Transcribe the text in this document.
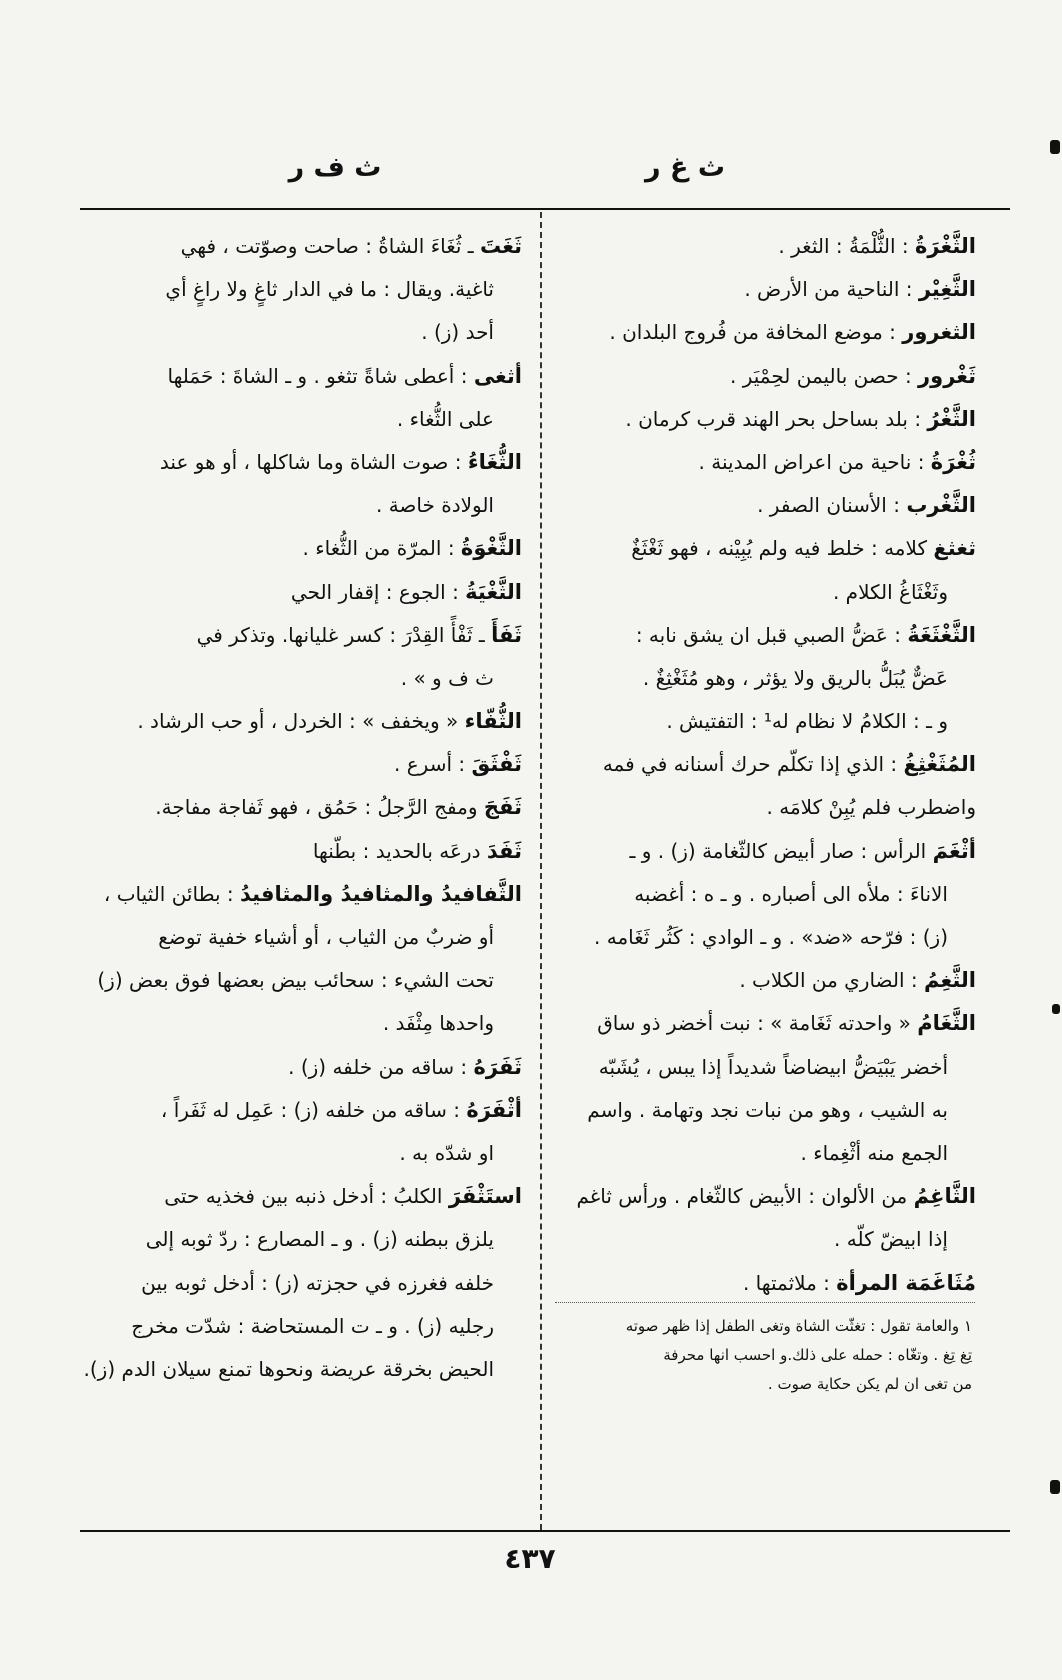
ث غ ر
ث ف ر
الثَّغْرَةُ : الثُّلْمَةُ : الثغر .
الثَّغِيْر : الناحية من الأرض .
الثغرور : موضع المخافة من فُروج البلدان .
ثَغْرور : حصن باليمن لحِمْيَر .
الثَّغْرُ : بلد بساحل بحر الهند قرب كرمان .
ثُغْرَةُ : ناحية من اعراض المدينة .
الثَّغْرب : الأسنان الصفر .
ثغثغ كلامه : خلط فيه ولم يُبِيْنه ، فهو ثَغْثَغٌ
وثَغْثَاغُ الكلام .
الثَّغْثَغَةُ : عَضُّ الصبي قبل ان يشق نابه :
عَضٌّ يُبَلُّ بالريق ولا يؤثر ، وهو مُثَغْثِغٌ .
و ـ : الكلامُ لا نظام له¹ : التفتيش .
المُثَغْثِغُ : الذي إذا تكلّم حرك أسنانه في فمه
واضطرب فلم يُبِنْ كلامَه .
أثْغَمَ الرأس : صار أبيض كالثّغامة (ز) . و ـ
الاناءَ : ملأه الى أصباره . و ـ ه : أغضبه
(ز) : فرّحه «ضد» . و ـ الوادي : كَثُر ثَغَامه .
الثَّغِمُ : الضاري من الكلاب .
الثَّغَامُ « واحدته ثَغَامة » : نبت أخضر ذو ساق
أخضر يَبْيَضُّ ابيضاضاً شديداً إذا يبس ، يُشَبّه
به الشيب ، وهو من نبات نجد وتهامة . واسم
الجمع منه أثْغِماء .
الثَّاغِمُ من الألوان : الأبيض كالثّغام . ورأس ثاغم
إذا ابيضّ كلّه .
مُثَاغَمَة المرأة : ملاثمتها .
ثَغَتَ ـ ثُغَاءَ الشاةُ : صاحت وصوّتت ، فهي
ثاغية. ويقال : ما في الدار ثاغٍ ولا راغٍ أي
أحد (ز) .
أثغى : أعطى شاةً تثغو . و ـ الشاةَ : حَمَلها
على الثُّغاء .
الثُّغَاءُ : صوت الشاة وما شاكلها ، أو هو عند
الولادة خاصة .
الثَّغْوَةُ : المرّة من الثُّغاء .
الثَّغْيَةُ : الجوع : إقفار الحي
ثَفَأَ ـ ثَفْأً القِدْرَ : كسر غليانها. وتذكر في
ث ف و » .
الثُّفّاء « ويخفف » : الخردل ، أو حب الرشاد .
ثَفْثَقَ : أسرع .
ثَفَجَ ومفج الرَّجلُ : حَمُق ، فهو ثَفاجة مفاجة.
ثَفَدَ درعَه بالحديد : بطّنها
الثَّفافيدُ والمثافيدُ والمثافيدُ : بطائن الثياب ،
أو ضربٌ من الثياب ، أو أشياء خفية توضع
تحت الشيء : سحائب بيض بعضها فوق بعض (ز)
واحدها مِثْفَد .
ثَفَرَهُ : ساقه من خلفه (ز) .
أثْفَرَهُ : ساقه من خلفه (ز) : عَمِل له ثَفَراً ،
او شدّه به .
استَثْفَرَ الكلبُ : أدخل ذنبه بين فخذيه حتى
يلزق ببطنه (ز) . و ـ المصارع : ردّ ثوبه إلى
خلفه فغرزه في حجزته (ز) : أدخل ثوبه بين
رجليه (ز) . و ـ ت المستحاضة : شدّت مخرج
الحيض بخرقة عريضة ونحوها تمنع سيلان الدم (ز).
١ والعامة تقول : تغثّت الشاة وتغى الطفل إذا ظهر صوته
تِغ تِغ . وتغّاه : حمله على ذلك.و احسب انها محرفة
من تغى ان لم يكن حكاية صوت .
٤٣٧
